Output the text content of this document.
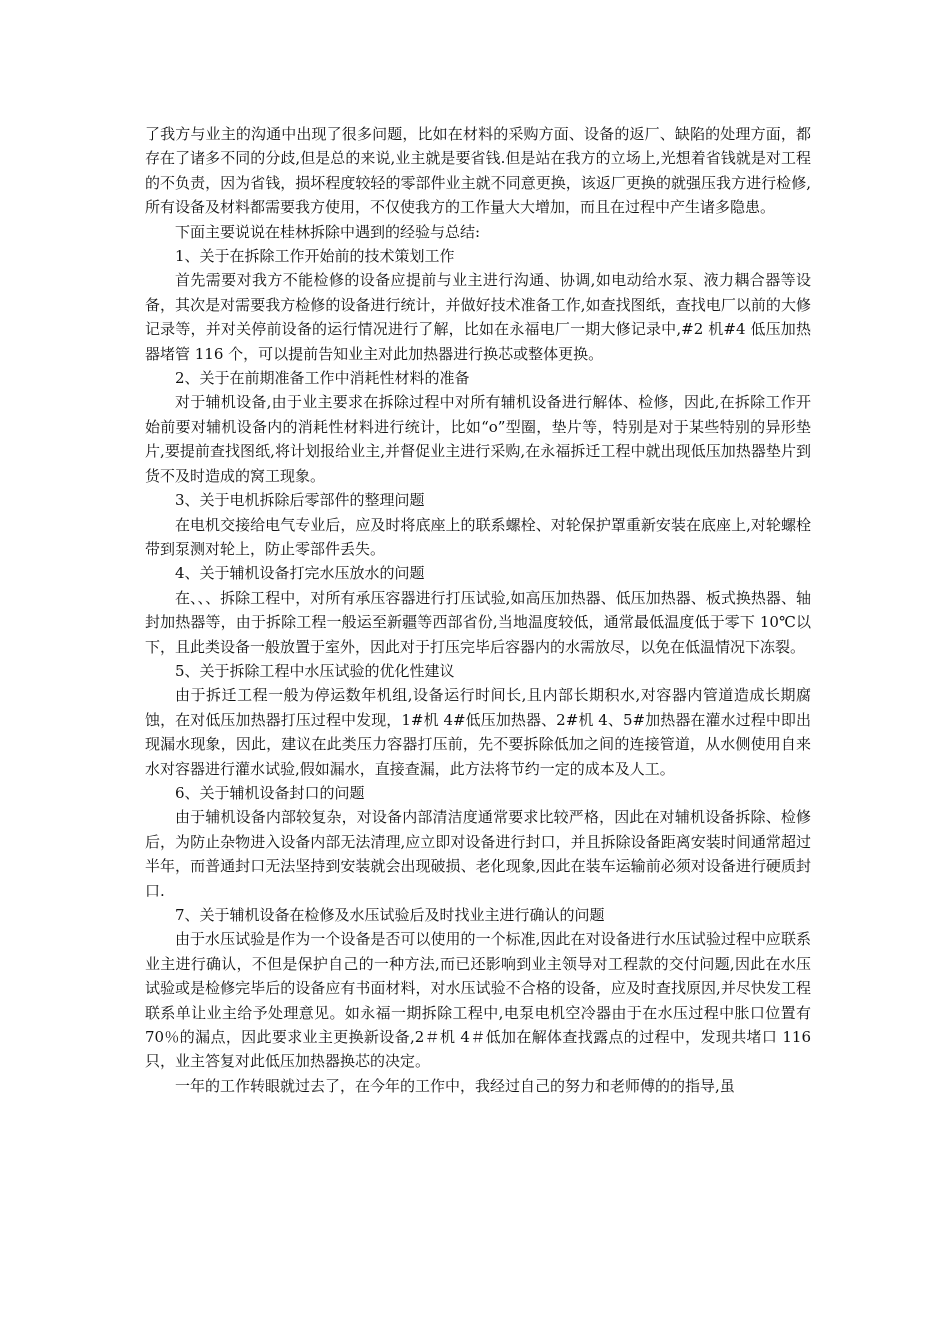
了我方与业主的沟通中出现了很多问题，比如在材料的采购方面、设备的返厂、缺陷的处理方面，都存在了诸多不同的分歧,但是总的来说,业主就是要省钱.但是站在我方的立场上,光想着省钱就是对工程的不负责，因为省钱，损坏程度较轻的零部件业主就不同意更换，该返厂更换的就强压我方进行检修,所有设备及材料都需要我方使用，不仅使我方的工作量大大增加，而且在过程中产生诸多隐患。

下面主要说说在桂林拆除中遇到的经验与总结:

1、关于在拆除工作开始前的技术策划工作

首先需要对我方不能检修的设备应提前与业主进行沟通、协调,如电动给水泵、液力耦合器等设备，其次是对需要我方检修的设备进行统计，并做好技术准备工作,如查找图纸，查找电厂以前的大修记录等，并对关停前设备的运行情况进行了解，比如在永福电厂一期大修记录中,#2 机#4 低压加热器堵管 116 个，可以提前告知业主对此加热器进行换芯或整体更换。

2、关于在前期准备工作中消耗性材料的准备

对于辅机设备,由于业主要求在拆除过程中对所有辅机设备进行解体、检修，因此,在拆除工作开始前要对辅机设备内的消耗性材料进行统计，比如“o”型圈，垫片等，特别是对于某些特别的异形垫片,要提前查找图纸,将计划报给业主,并督促业主进行采购,在永福拆迁工程中就出现低压加热器垫片到货不及时造成的窝工现象。

3、关于电机拆除后零部件的整理问题

在电机交接给电气专业后，应及时将底座上的联系螺栓、对轮保护罩重新安装在底座上,对轮螺栓带到泵测对轮上，防止零部件丢失。

4、关于辅机设备打完水压放水的问题

在、、、拆除工程中，对所有承压容器进行打压试验,如高压加热器、低压加热器、板式换热器、轴封加热器等，由于拆除工程一般运至新疆等西部省份,当地温度较低，通常最低温度低于零下 10℃以下，且此类设备一般放置于室外，因此对于打压完毕后容器内的水需放尽，以免在低温情况下冻裂。

5、关于拆除工程中水压试验的优化性建议

由于拆迁工程一般为停运数年机组,设备运行时间长,且内部长期积水,对容器内管道造成长期腐蚀，在对低压加热器打压过程中发现，1#机 4#低压加热器、2#机 4、5#加热器在灌水过程中即出现漏水现象，因此，建议在此类压力容器打压前，先不要拆除低加之间的连接管道，从水侧使用自来水对容器进行灌水试验,假如漏水，直接查漏，此方法将节约一定的成本及人工。

6、关于辅机设备封口的问题

由于辅机设备内部较复杂，对设备内部清洁度通常要求比较严格，因此在对辅机设备拆除、检修后，为防止杂物进入设备内部无法清理,应立即对设备进行封口，并且拆除设备距离安装时间通常超过半年，而普通封口无法坚持到安装就会出现破损、老化现象,因此在装车运输前必须对设备进行硬质封口.

7、关于辅机设备在检修及水压试验后及时找业主进行确认的问题

由于水压试验是作为一个设备是否可以使用的一个标准,因此在对设备进行水压试验过程中应联系业主进行确认，不但是保护自己的一种方法,而已还影响到业主领导对工程款的交付问题,因此在水压试验或是检修完毕后的设备应有书面材料，对水压试验不合格的设备，应及时查找原因,并尽快发工程联系单让业主给予处理意见。如永福一期拆除工程中,电泵电机空冷器由于在水压过程中胀口位置有 70％的漏点，因此要求业主更换新设备,2＃机 4＃低加在解体查找露点的过程中，发现共堵口 116 只，业主答复对此低压加热器换芯的决定。

一年的工作转眼就过去了，在今年的工作中，我经过自己的努力和老师傅的的指导,虽
